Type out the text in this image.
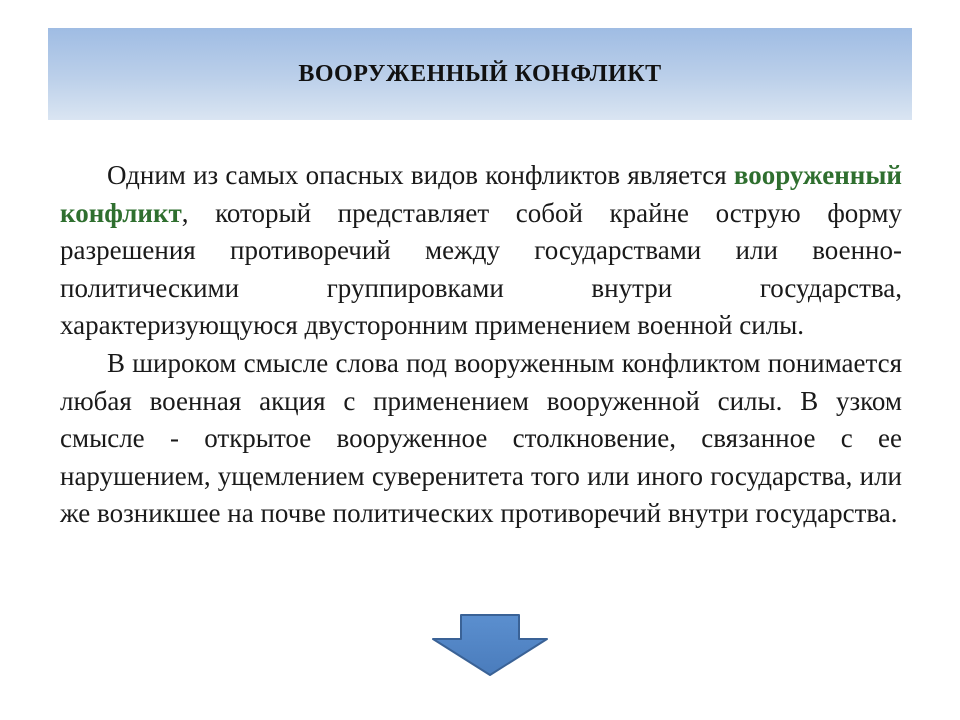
ВООРУЖЕННЫЙ КОНФЛИКТ

Одним из самых опасных видов конфликтов является вооруженный конфликт, который представляет собой крайне острую форму разрешения противоречий между государствами или военно-политическими группировками внутри государства, характеризующуюся двусторонним применением военной силы.

В широком смысле слова под вооруженным конфликтом понимается любая военная акция с применением вооруженной силы. В узком смысле - открытое вооруженное столкновение, связанное с ее нарушением, ущемлением суверенитета того или иного государства, или же возникшее на почве политических противоречий внутри государства.
